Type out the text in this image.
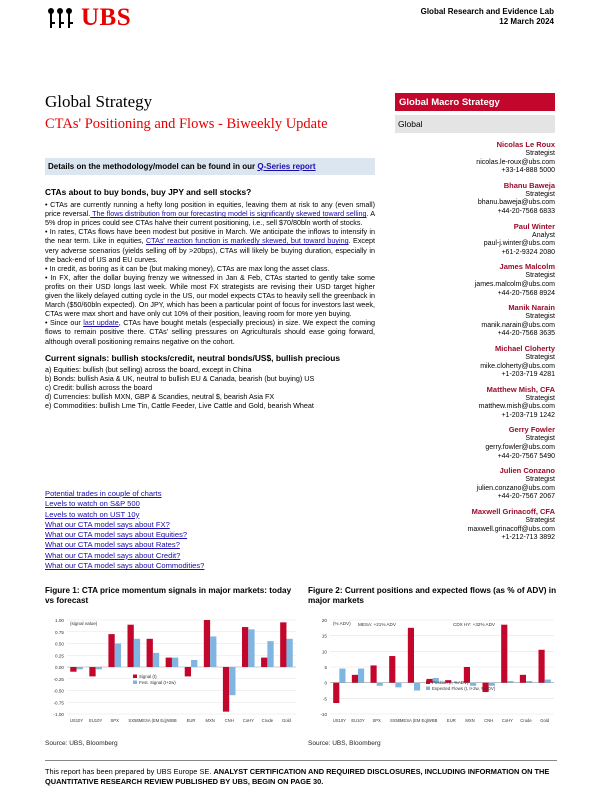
UBS	Global Research and Evidence Lab
12 March 2024
Global Strategy
CTAs' Positioning and Flows - Biweekly Update
Global Macro Strategy
Global
Nicolas Le Roux
Strategist
nicolas.le-roux@ubs.com
+33-14-888 5000
Bhanu Baweja
Strategist
bhanu.baweja@ubs.com
+44-20-7568 6833
Paul Winter
Analyst
paul-j.winter@ubs.com
+61-2-9324 2080
James Malcolm
Strategist
james.malcolm@ubs.com
+44-20-7568 8924
Manik Narain
Strategist
manik.narain@ubs.com
+44-20-7568 3635
Michael Cloherty
Strategist
mike.cloherty@ubs.com
+1-203-719 4281
Matthew Mish, CFA
Strategist
matthew.mish@ubs.com
+1-203-719 1242
Gerry Fowler
Strategist
gerry.fowler@ubs.com
+44-20-7567 5490
Julien Conzano
Strategist
julien.conzano@ubs.com
+44-20-7567 2067
Maxwell Grinacoff, CFA
Strategist
maxwell.grinacoff@ubs.com
+1-212-713 3892
Details on the methodology/model can be found in our Q-Series report
CTAs about to buy bonds, buy JPY and sell stocks?

• CTAs are currently running a hefty long position in equities, leaving them at risk to any (even small) price reversal. The flows distribution from our forecasting model is significantly skewed toward selling. A 5% drop in prices could see CTAs halve their current positioning, i.e., sell $70/80bln worth of stocks.

• In rates, CTAs flows have been modest but positive in March. We anticipate the inflows to intensify in the near term. Like in equities, CTAs' reaction function is markedly skewed, but toward buying. Except very adverse scenarios (yields selling off by >20bps), CTAs will likely be buying duration, especially in the back-end of US and EU curves.

• In credit, as boring as it can be (but making money), CTAs are max long the asset class.

• In FX, after the dollar buying frenzy we witnessed in Jan & Feb, CTAs started to gently take some profits on their USD longs last week. While most FX strategists are revising their USD target higher given the likely delayed cutting cycle in the US, our model expects CTAs to heavily sell the greenback in March ($50/60bln expected). On JPY, which has been a particular point of focus for investors last week, CTAs were max short and have only cut 10% of their position, leaving room for more yen buying.

• Since our last update, CTAs have bought metals (especially precious) in size. We expect the coming flows to remain positive there. CTAs' selling pressures on Agriculturals should ease going forward, although overall positioning remains negative on the cohort.

Current signals: bullish stocks/credit, neutral bonds/US$, bullish precious
a) Equities: bullish (but selling) across the board, except in China
b) Bonds: bullish Asia & UK, neutral to bullish EU & Canada, bearish (but buying) US
c) Credit: bullish across the board
d) Currencies: bullish MXN, GBP & Scandies, neutral $, bearish Asia FX
e) Commodities: bullish Lme Tin, Cattle Feeder, Live Cattle and Gold, bearish Wheat
Potential trades in couple of charts
Levels to watch on S&P 500
Levels to watch on UST 10y
What our CTA model says about FX?
What our CTA model says about Equities?
What our CTA model says about Rates?
What our CTA model says about Credit?
What our CTA model says about Commodities?
Figure 1: CTA price momentum signals in major markets: today vs forecast
1.00
0.75
0.50
0.25
0.00
-0.25
-0.50
-0.75
-1.00
US10Y EU10Y SPX SX5E MESA (EM Eq) WBB EUR MXN CNH CoHY Crude Gold
(signal value)
Signal (t)
Fest. Signal (t+2w)
Source: UBS, Bloomberg
Figure 2: Current positions and expected flows (as % of ADV) in major markets
20
15
10
5
0
-5
-10
US10Y EU10Y SPX SX5E MESA (EM Eq) WBB EUR MXN CNH CoHY Crude Gold
(% ADV) MESA: +21% ADV	CDX HY: +32% ADV
Position (t, %ADV)
Expected Flows (t, t+2w, %ADV)
Source: UBS, Bloomberg
This report has been prepared by UBS Europe SE. ANALYST CERTIFICATION AND REQUIRED DISCLOSURES, INCLUDING INFORMATION ON THE QUANTITATIVE RESEARCH REVIEW PUBLISHED BY UBS, BEGIN ON PAGE 30.
